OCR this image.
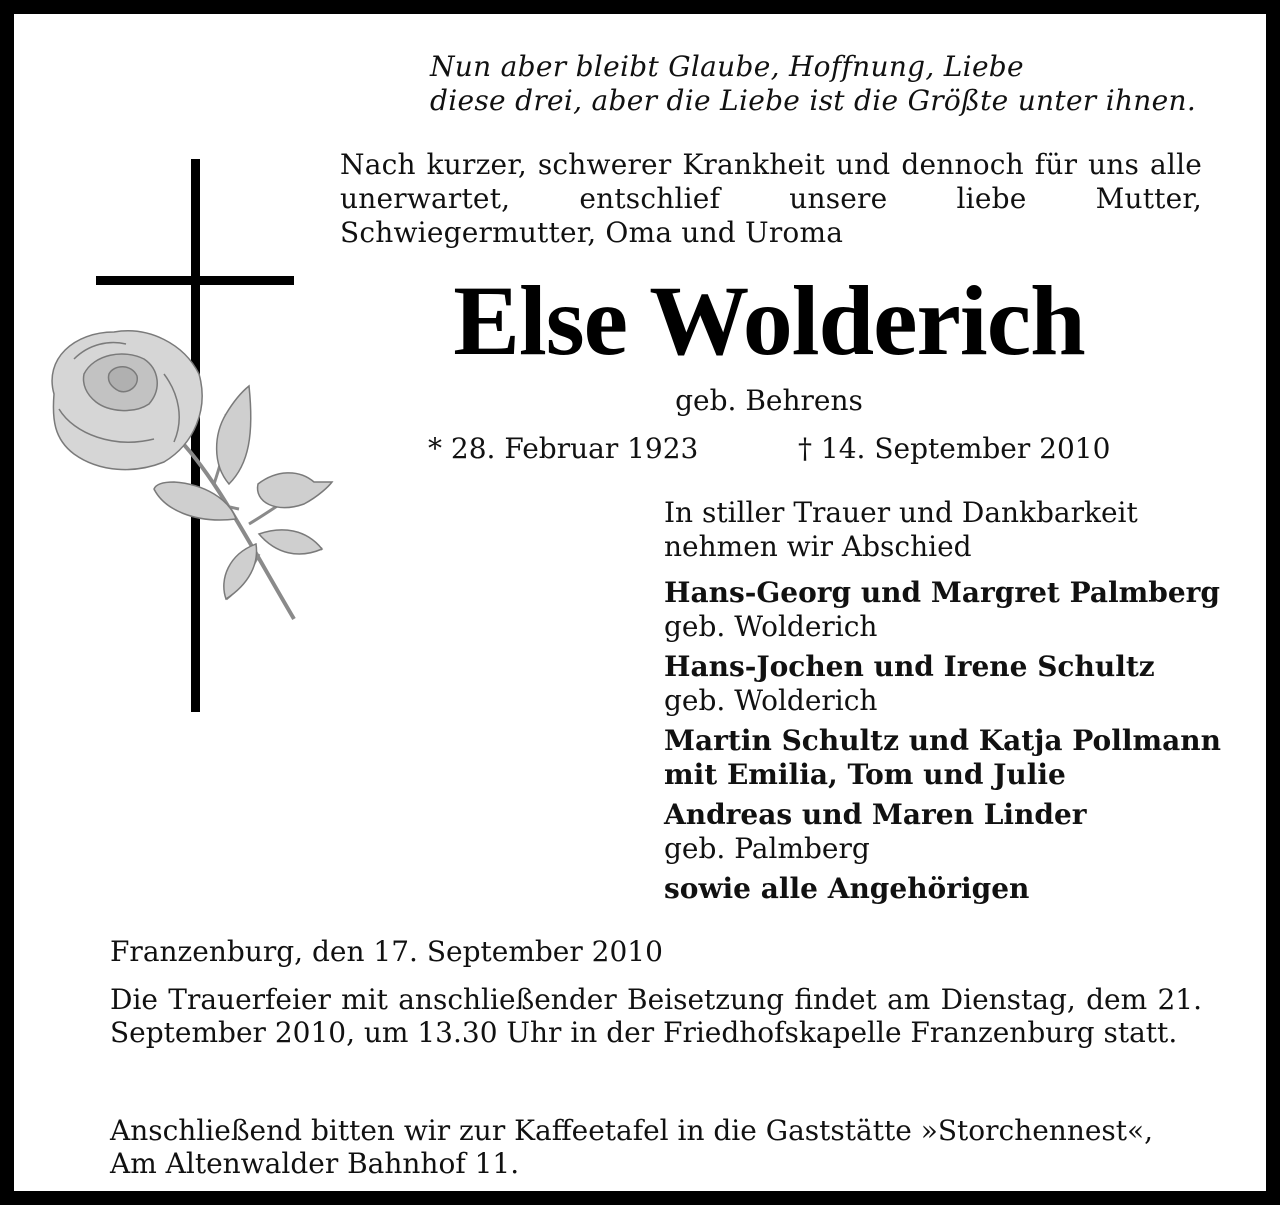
Nun aber bleibt Glaube, Hoffnung, Liebe
diese drei, aber die Liebe ist die Größte unter ihnen.
Nach kurzer, schwerer Krankheit und dennoch für uns alle unerwartet, entschlief unsere liebe Mutter, Schwiegermutter, Oma und Uroma
Else Wolderich
geb. Behrens
* 28. Februar 1923	† 14. September 2010
In stiller Trauer und Dankbarkeit
nehmen wir Abschied
Hans-Georg und Margret Palmberg
geb. Wolderich
Hans-Jochen und Irene Schultz
geb. Wolderich
Martin Schultz und Katja Pollmann
mit Emilia, Tom und Julie
Andreas und Maren Linder
geb. Palmberg
sowie alle Angehörigen
Franzenburg, den 17. September 2010
Die Trauerfeier mit anschließender Beisetzung findet am Dienstag, dem 21. September 2010, um 13.30 Uhr in der Friedhofskapelle Franzenburg statt.
Anschließend bitten wir zur Kaffeetafel in die Gaststätte »Storchennest«,
Am Altenwalder Bahnhof 11.
